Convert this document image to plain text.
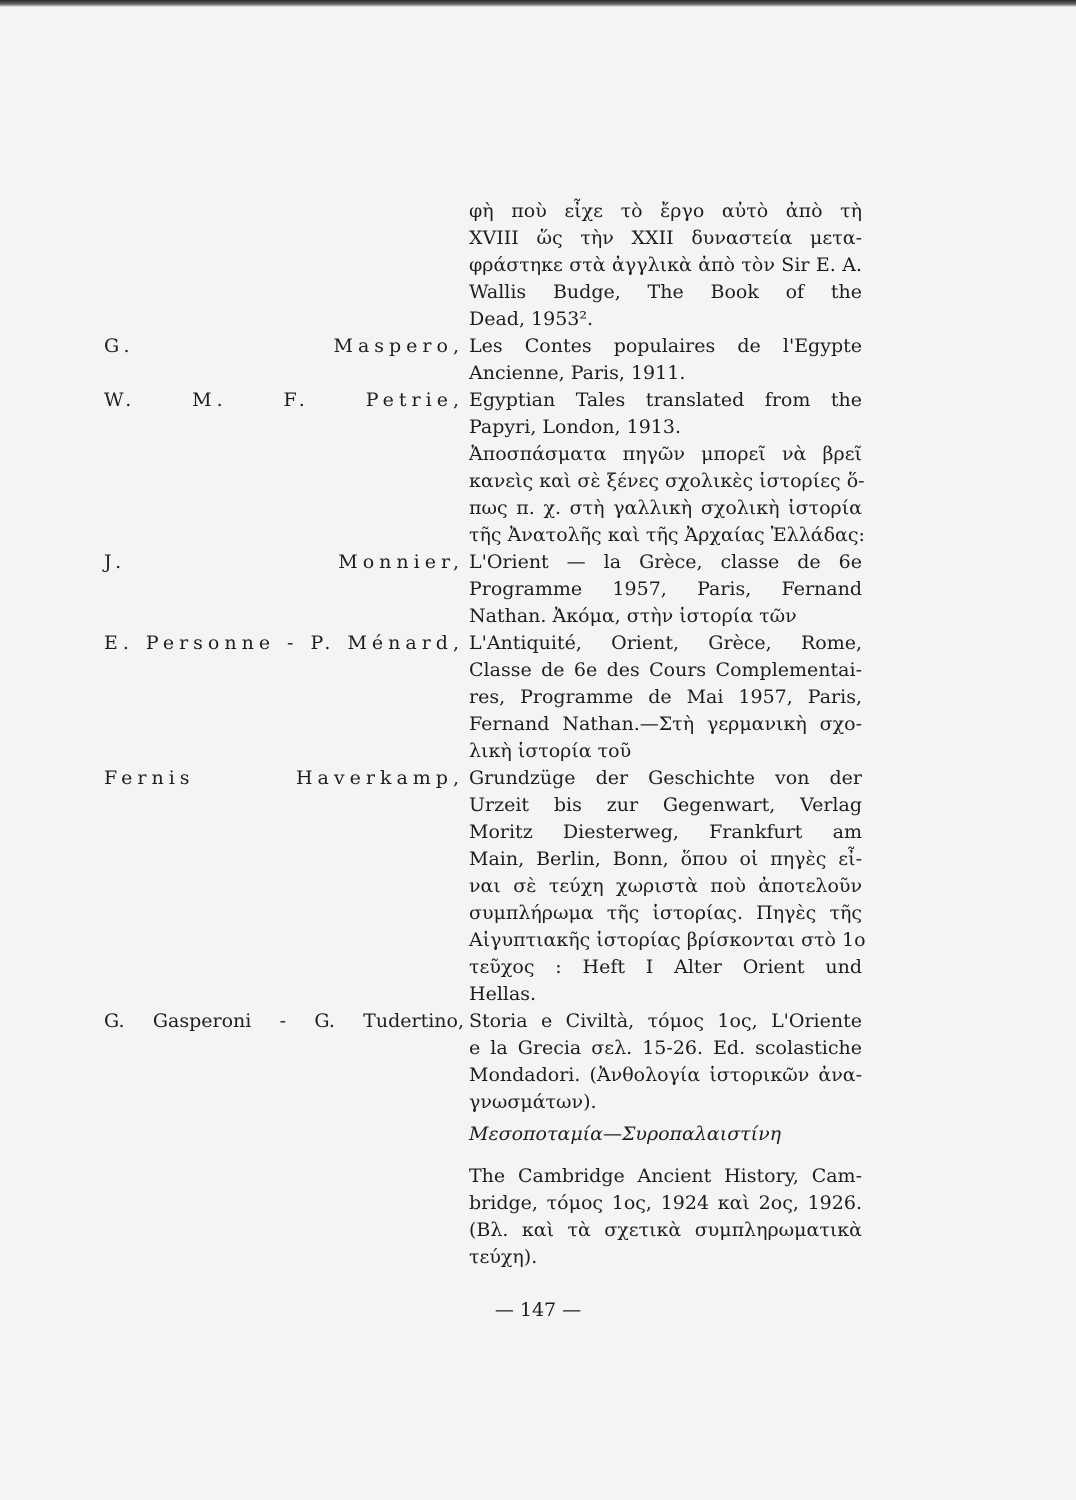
φὴ ποὺ εἶχε τὸ ἔργο αὐτὸ ἀπὸ τὴ
XVIII ὥς τὴν XXII δυναστεία μετα-
φράστηκε στὰ ἀγγλικὰ ἀπὸ τὸν Sir E. A.
Wallis Budge, The Book of the
Dead, 1953².
Les Contes populaires de l'Egypte
Ancienne, Paris, 1911.
Egyptian Tales translated from the
Papyri, London, 1913.
Ἀποσπάσματα πηγῶν μπορεῖ νὰ βρεῖ
κανεὶς καὶ σὲ ξένες σχολικὲς ἱστορίες ὅ-
πως π. χ. στὴ γαλλικὴ σχολικὴ ἱστορία
τῆς Ἀνατολῆς καὶ τῆς Ἀρχαίας Ἑλλάδας:
L'Orient — la Grèce, classe de 6e
Programme 1957, Paris, Fernand
Nathan. Ἀκόμα, στὴν ἱστορία τῶν
L'Antiquité, Orient, Grèce, Rome,
Classe de 6e des Cours Complementai-
res, Programme de Mai 1957, Paris,
Fernand Nathan.—Στὴ γερμανικὴ σχο-
λικὴ ἱστορία τοῦ
Grundzüge der Geschichte von der
Urzeit bis zur Gegenwart, Verlag
Moritz Diesterweg, Frankfurt am
Main, Berlin, Bonn, ὅπου οἱ πηγὲς εἶ-
ναι σὲ τεύχη χωριστὰ ποὺ ἀποτελοῦν
συμπλήρωμα τῆς ἱστορίας. Πηγὲς τῆς
Αἰγυπτιακῆς ἱστορίας βρίσκονται στὸ 1ο
τεῦχος : Heft I Alter Orient und
Hellas.
Storia e Civiltà, τόμος 1ος, L'Oriente
e la Grecia σελ. 15-26. Ed. scolastiche
Mondadori. (Ἀνθολογία ἱστορικῶν ἀνα-
γνωσμάτων).
G. Maspero,
W. M. F. Petrie,
J. Monnier,
E. Personne - P. Ménard,
Fernis Haverkamp,
G. Gasperoni - G. Tudertino,
Μεσοποταμία—Συροπαλαιστίνη
The Cambridge Ancient History, Cam-
bridge, τόμος 1ος, 1924 καὶ 2ος, 1926.
(Βλ. καὶ τὰ σχετικὰ συμπληρωματικὰ
τεύχη).
— 147 —
